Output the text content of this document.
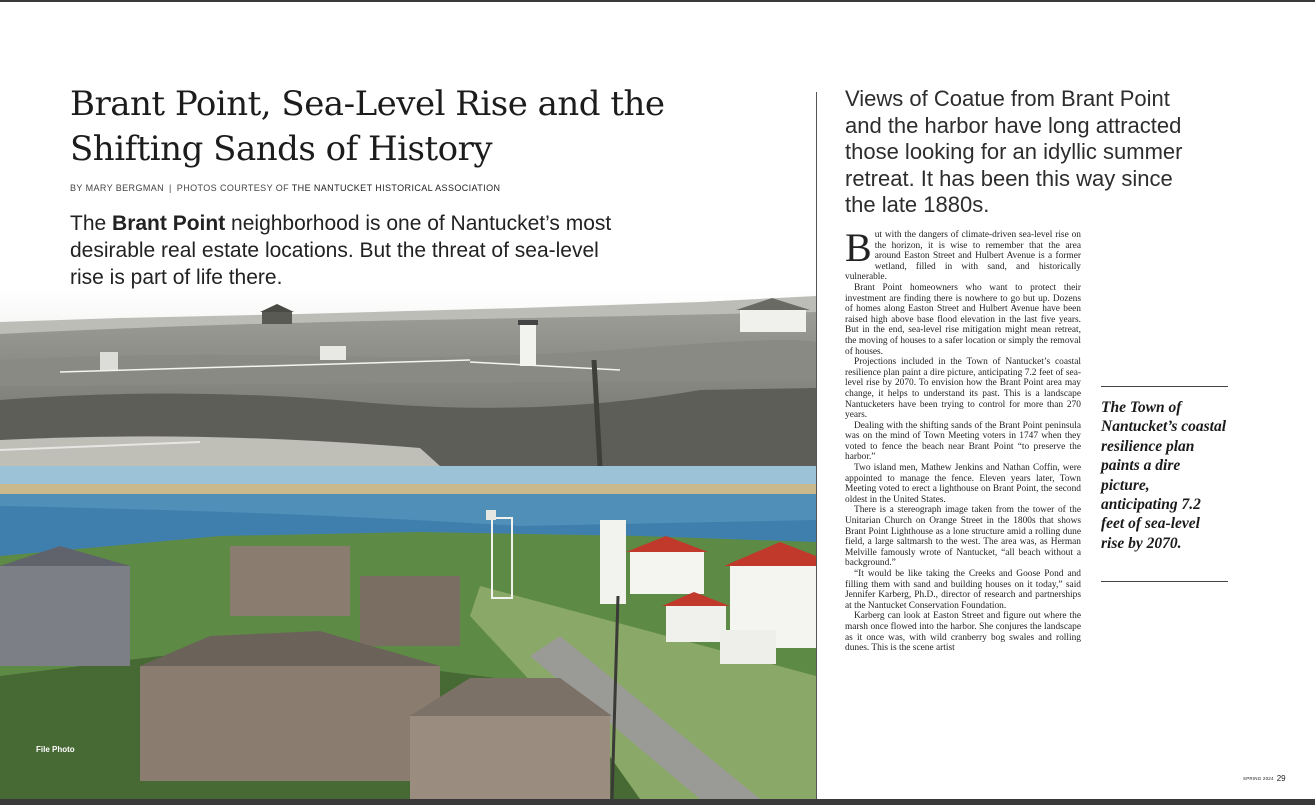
Brant Point, Sea-Level Rise and the Shifting Sands of History
BY MARY BERGMAN | PHOTOS COURTESY OF THE NANTUCKET HISTORICAL ASSOCIATION
The Brant Point neighborhood is one of Nantucket’s most desirable real estate locations. But the threat of sea-level rise is part of life there.
File Photo
Views of Coatue from Brant Point and the harbor have long attracted those looking for an idyllic summer retreat. It has been this way since the late 1880s.

But with the dangers of climate-driven sea-level rise on the horizon, it is wise to remember that the area around Easton Street and Hulbert Avenue is a former wetland, filled in with sand, and historically vulnerable.

Brant Point homeowners who want to protect their investment are finding there is nowhere to go but up. Dozens of homes along Easton Street and Hulbert Avenue have been raised high above base flood elevation in the last five years. But in the end, sea-level rise mitigation might mean retreat, the moving of houses to a safer location or simply the removal of houses.

Projections included in the Town of Nantucket’s coastal resilience plan paint a dire picture, anticipating 7.2 feet of sea-level rise by 2070. To envision how the Brant Point area may change, it helps to understand its past. This is a landscape Nantucketers have been trying to control for more than 270 years.

Dealing with the shifting sands of the Brant Point peninsula was on the mind of Town Meeting voters in 1747 when they voted to fence the beach near Brant Point “to preserve the harbor.”

Two island men, Mathew Jenkins and Nathan Coffin, were appointed to manage the fence. Eleven years later, Town Meeting voted to erect a lighthouse on Brant Point, the second oldest in the United States.

There is a stereograph image taken from the tower of the Unitarian Church on Orange Street in the 1800s that shows Brant Point Lighthouse as a lone structure amid a rolling dune field, a large saltmarsh to the west. The area was, as Herman Melville famously wrote of Nantucket, “all beach without a background.”

“It would be like taking the Creeks and Goose Pond and filling them with sand and building houses on it today,” said Jennifer Karberg, Ph.D., director of research and partnerships at the Nantucket Conservation Foundation.

Karberg can look at Easton Street and figure out where the marsh once flowed into the harbor. She conjures the landscape as it once was, with wild cranberry bog swales and rolling dunes. This is the scene artist

The Town of Nantucket’s coastal resilience plan paints a dire picture, anticipating 7.2 feet of sea-level rise by 2070.

SPRING 2024 29
